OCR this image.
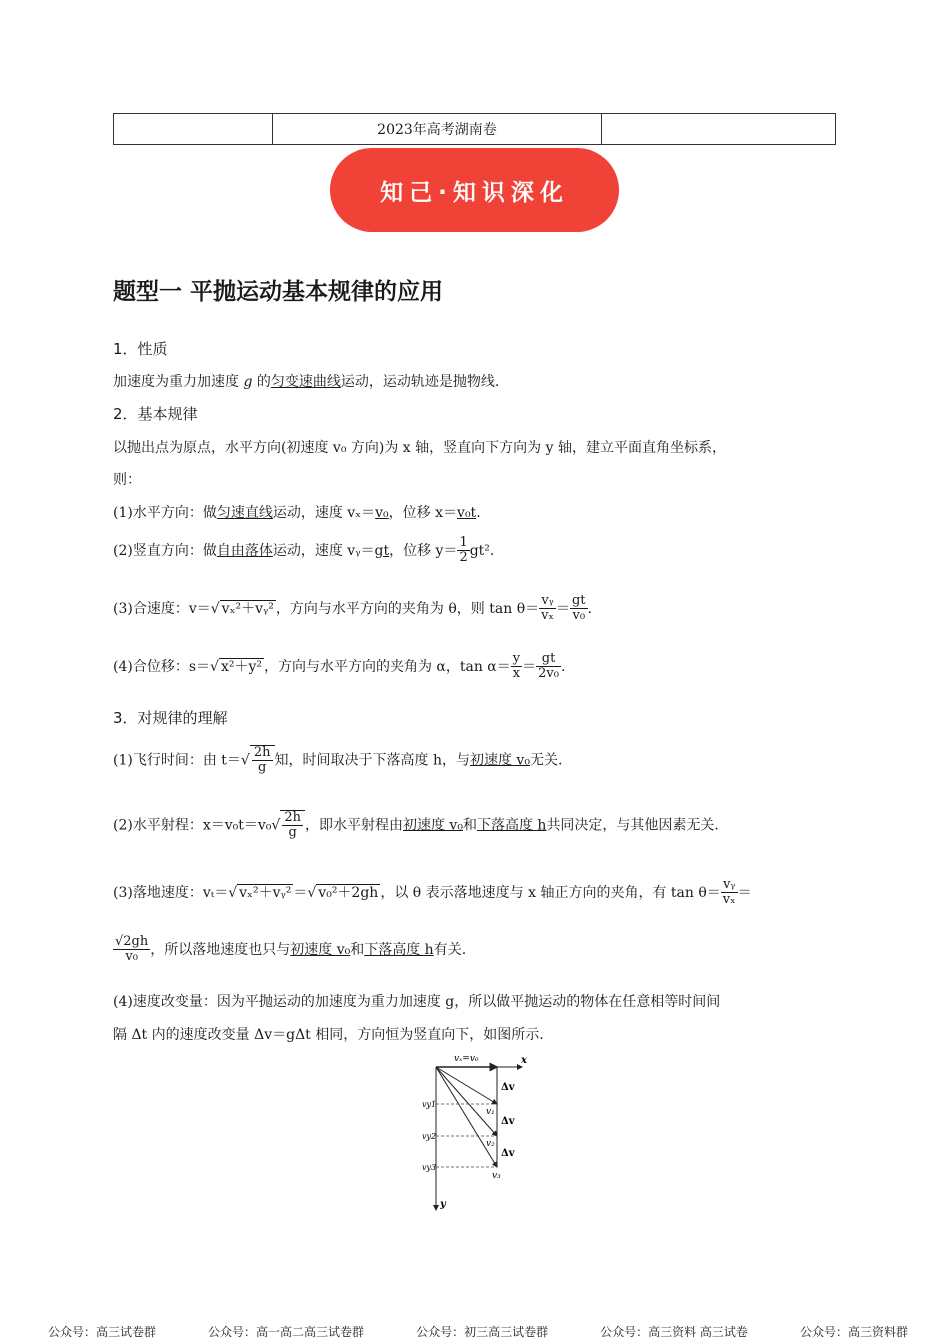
2023年高考湖南卷
知己·知识深化
题型一 平抛运动基本规律的应用
1．性质
加速度为重力加速度 g 的匀变速曲线运动，运动轨迹是抛物线.
2．基本规律
以抛出点为原点，水平方向(初速度 v₀ 方向)为 x 轴，竖直向下方向为 y 轴，建立平面直角坐标系，
则：
(1)水平方向：做匀速直线运动，速度 vₓ＝v₀，位移 x＝v₀t.
(2)竖直方向：做自由落体运动，速度 vᵧ＝gt，位移 $y= \frac{1}{2} gt^2$.
(3)合速度：v＝√ vₓ²＋vᵧ² ，方向与水平方向的夹角为 θ，则 $\tan \theta= \frac{\text{vᵧ}}{\text{vₓ}} = \frac{gt}{\text{v₀}}$ .
(4)合位移：s＝√ x²＋y² ，方向与水平方向的夹角为 α，$\tan \alpha= \frac{y}{x} = \frac{gt}{\text{2v₀}}$ .
3．对规律的理解
(1)飞行时间：由 $t=√ \frac{2h}{g}$ 知，时间取决于下落高度 h，与初速度 v₀无关.
(2)水平射程：$x=v_0t=v_0√ \frac{2h}{g}$ ，即水平射程由初速度 v₀和下落高度 h共同决定，与其他因素无关.
(3)落地速度：vₜ＝√ vₓ²＋vᵧ² ＝√ v₀²＋2gh ，以 θ 表示落地速度与 x 轴正方向的夹角，有 $\tan \theta= \frac{\text{vᵧ}}{\text{vₓ}}$ ＝
$\frac{√2gh}{\text{v₀}}$ ，所以落地速度也只与初速度 v₀和下落高度 h有关.
(4)速度改变量：因为平抛运动的加速度为重力加速度 g，所以做平抛运动的物体在任意相等时间间
隔 Δt 内的速度改变量 Δv＝gΔt 相同，方向恒为竖直向下，如图所示.
vₓ=v₀	x
y
vy1
vy2
vy3
v₁
v₂
v₃
Δv
Δv
Δv
公众号：高三试卷群	公众号：高一高二高三试卷群	公众号：初三高三试卷群	公众号：高三资料 高三试卷	公众号：高三资料群
